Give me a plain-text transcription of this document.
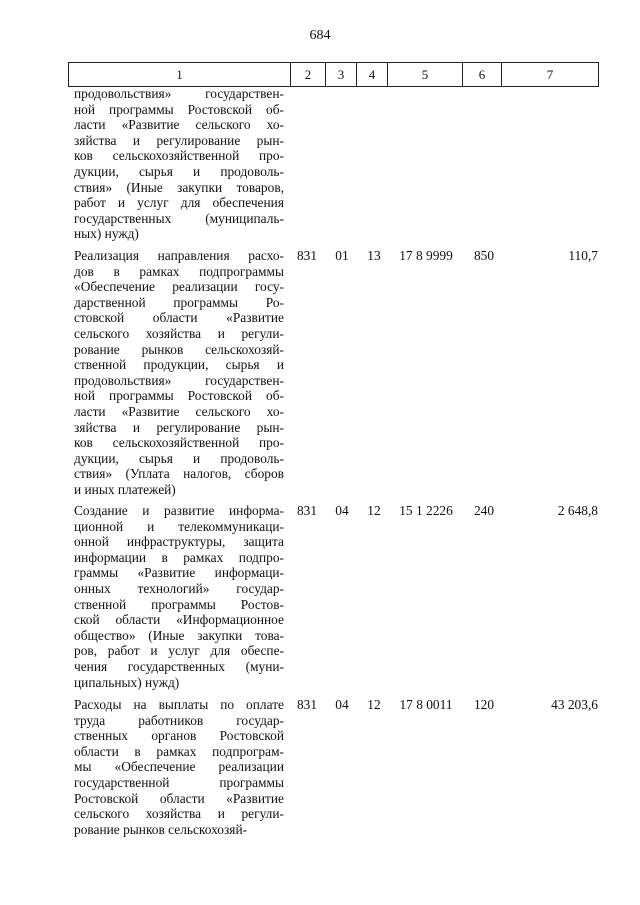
684
1	2	3	4	5	6	7
продовольствия» государствен-
ной программы Ростовской об-
ласти «Развитие сельского хо-
зяйства и регулирование рын-
ков сельскохозяйственной про-
дукции, сырья и продоволь-
ствия» (Иные закупки товаров,
работ и услуг для обеспечения
государственных (муниципаль-
ных) нужд)
Реализация направления расхо-
дов в рамках подпрограммы
«Обеспечение реализации госу-
дарственной программы Ро-
стовской области «Развитие
сельского хозяйства и регули-
рование рынков сельскохозяй-
ственной продукции, сырья и
продовольствия» государствен-
ной программы Ростовской об-
ласти «Развитие сельского хо-
зяйства и регулирование рын-
ков сельскохозяйственной про-
дукции, сырья и продоволь-
ствия» (Уплата налогов, сборов
и иных платежей)
831	01	13	17 8 9999	850	110,7
Создание и развитие информа-
ционной и телекоммуникаци-
онной инфраструктуры, защита
информации в рамках подпро-
граммы «Развитие информаци-
онных технологий» государ-
ственной программы Ростов-
ской области «Информационное
общество» (Иные закупки това-
ров, работ и услуг для обеспе-
чения государственных (муни-
ципальных) нужд)
831	04	12	15 1 2226	240	2 648,8
Расходы на выплаты по оплате
труда работников государ-
ственных органов Ростовской
области в рамках подпрограм-
мы «Обеспечение реализации
государственной программы
Ростовской области «Развитие
сельского хозяйства и регули-
рование рынков сельскохозяй-
831	04	12	17 8 0011	120	43 203,6
